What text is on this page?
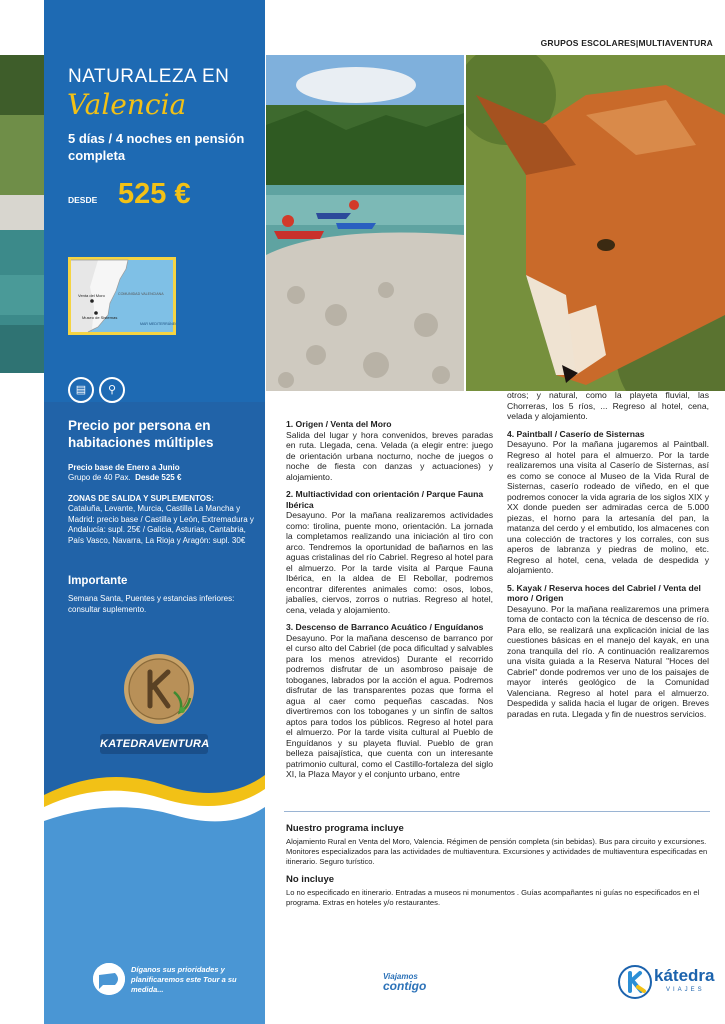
GRUPOS ESCOLARES|MULTIAVENTURA
NATURALEZA EN
Valencia
5 días / 4 noches en pensión completa
DESDE 525 €
Venta del Moro
Museo de Sisternas
COMUNIDAD VALENCIANA
MAR MEDITERRÁNEO
▤ ⚲
Precio por persona en habitaciones múltiples
Precio base de Enero a Junio
Grupo de 40 Pax. Desde 525 €
ZONAS DE SALIDA Y SUPLEMENTOS:
Cataluña, Levante, Murcia, Castilla La Mancha y Madrid: precio base / Castilla y León, Extremadura y Andalucía: supl. 25€ / Galicia, Asturias, Cantabria, País Vasco, Navarra, La Rioja y Aragón: supl. 30€
Importante
Semana Santa, Puentes y estancias inferiores: consultar suplemento.
KATEDRAVENTURA
Díganos sus prioridades y planificaremos este Tour a su medida...
1. Origen / Venta del Moro

Salida del lugar y hora convenidos, breves paradas en ruta. Llegada, cena. Velada (a elegir entre: juego de orientación urbana nocturno, noche de juegos o noche de fiesta con danzas y actuaciones) y alojamiento.

2. Multiactividad con orientación / Parque Fauna Ibérica

Desayuno. Por la mañana realizaremos actividades como: tirolina, puente mono, orientación. La jornada la completamos realizando una iniciación al tiro con arco. Tendremos la oportunidad de bañarnos en las aguas cristalinas del río Cabriel. Regreso al hotel para el almuerzo. Por la tarde visita al Parque Fauna Ibérica, en la aldea de El Rebollar, podremos encontrar diferentes animales como: osos, lobos, jabalíes, ciervos, zorros o nutrias. Regreso al hotel, cena, velada y alojamiento.

3. Descenso de Barranco Acuático / Enguídanos

Desayuno. Por la mañana descenso de barranco por el curso alto del Cabriel (de poca dificultad y salvables para los menos atrevidos) Durante el recorrido podremos disfrutar de un asombroso paisaje de toboganes, labrados por la acción el agua. Podremos disfrutar de las transparentes pozas que forma el agua al caer como pequeñas cascadas. Nos divertiremos con los toboganes y un sinfín de saltos aptos para todos los públicos. Regreso al hotel para el almuerzo. Por la tarde visita cultural al Pueblo de Enguídanos y su playeta fluvial. Pueblo de gran belleza paisajística, que cuenta con un interesante patrimonio cultural, como el Castillo-fortaleza del siglo XI, la Plaza Mayor y el conjunto urbano, entre

otros; y natural, como la playeta fluvial, las Chorreras, los 5 ríos, ... Regreso al hotel, cena, velada y alojamiento.

4. Paintball / Caserío de Sisternas

Desayuno. Por la mañana jugaremos al Paintball. Regreso al hotel para el almuerzo. Por la tarde realizaremos una visita al Caserío de Sisternas, así es como se conoce al Museo de la Vida Rural de Sisternas, caserío rodeado de viñedo, en el que podremos conocer la vida agraria de los siglos XIX y XX donde pueden ser admiradas cerca de 5.000 piezas, el horno para la artesanía del pan, la matanza del cerdo y el embutido, los almacenes con una colección de tractores y los corrales, con sus aperos de labranza y piedras de molino, etc. Regreso al hotel, cena, velada de despedida y alojamiento.

5. Kayak / Reserva hoces del Cabriel / Venta del moro / Origen

Desayuno. Por la mañana realizaremos una primera toma de contacto con la técnica de descenso de río. Para ello, se realizará una explicación inicial de las cuestiones básicas en el manejo del kayak, en una zona tranquila del río. A continuación realizaremos una visita guiada a la Reserva Natural "Hoces del Cabriel" donde podremos ver uno de los paisajes de mayor interés geológico de la Comunidad Valenciana. Regreso al hotel para el almuerzo. Despedida y salida hacia el lugar de origen. Breves paradas en ruta. Llegada y fin de nuestros servicios.

Nuestro programa incluye
Alojamiento Rural en Venta del Moro, Valencia. Régimen de pensión completa (sin bebidas). Bus para circuito y excursiones. Monitores especializados para las actividades de multiaventura. Excursiones y actividades de multiaventura especificadas en itinerario. Seguro turístico.
No incluye
Lo no especificado en itinerario. Entradas a museos ni monumentos . Guías acompañantes ni guías no especificados en el programa. Extras en hoteles y/o restaurantes.
Viajamos
contigo
kátedra
VIAJES
